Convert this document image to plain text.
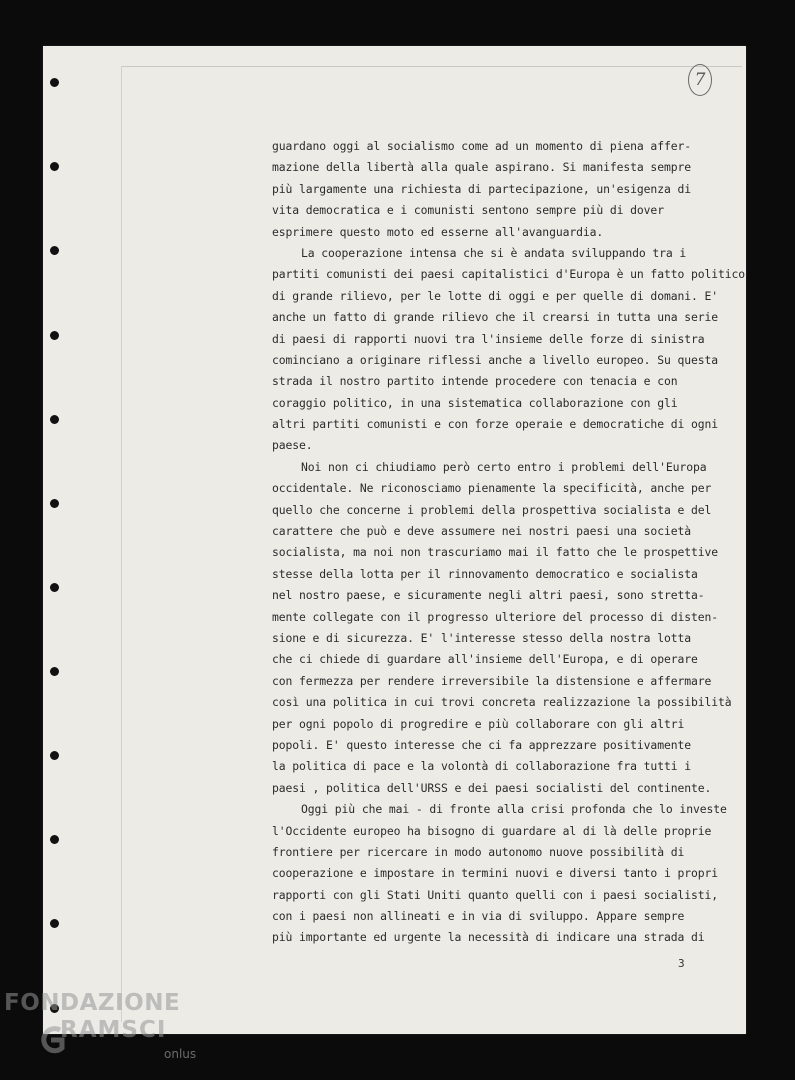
7
guardano oggi al socialismo come ad un momento di piena affer-
mazione della libertà alla quale aspirano. Si manifesta sempre
più largamente una richiesta di partecipazione, un'esigenza di
vita democratica e i comunisti sentono sempre più di dover
esprimere questo moto ed esserne all'avanguardia.
La cooperazione intensa che si è andata sviluppando tra i
partiti comunisti dei paesi capitalistici d'Europa è un fatto politico
di grande rilievo, per le lotte di oggi e per quelle di domani. E'
anche un fatto di grande rilievo che il crearsi in tutta una serie
di paesi di rapporti nuovi tra l'insieme delle forze di sinistra
cominciano a originare riflessi anche a livello europeo. Su questa
strada il nostro partito intende procedere con tenacia e con
coraggio politico, in una sistematica collaborazione con gli
altri partiti comunisti e con forze operaie e democratiche di ogni
paese.
Noi non ci chiudiamo però certo entro i problemi dell'Europa
occidentale. Ne riconosciamo pienamente la specificità, anche per
quello che concerne i problemi della prospettiva socialista e del
carattere che può e deve assumere nei nostri paesi una società
socialista, ma noi non trascuriamo mai il fatto che le prospettive
stesse della lotta per il rinnovamento democratico e socialista
nel nostro paese, e sicuramente negli altri paesi, sono stretta-
mente collegate con il progresso ulteriore del processo di disten-
sione e di sicurezza. E' l'interesse stesso della nostra lotta
che ci chiede di guardare all'insieme dell'Europa, e di operare
con fermezza per rendere irreversibile la distensione e affermare
così una politica in cui trovi concreta realizzazione la possibilità
per ogni popolo di progredire e più collaborare con gli altri
popoli. E' questo interesse che ci fa apprezzare positivamente
la politica di pace e la volontà di collaborazione fra tutti i
paesi , politica dell'URSS e dei paesi socialisti del continente.
Oggi più che mai - di fronte alla crisi profonda che lo investe
l'Occidente europeo ha bisogno di guardare al di là delle proprie
frontiere per ricercare in modo autonomo nuove possibilità di
cooperazione e impostare in termini nuovi e diversi tanto i propri
rapporti con gli Stati Uniti quanto quelli con i paesi socialisti,
con i paesi non allineati e in via di sviluppo. Appare sempre
più importante ed urgente la necessità di indicare una strada di
3
FONDAZIONE
RAMSCI
onlus
